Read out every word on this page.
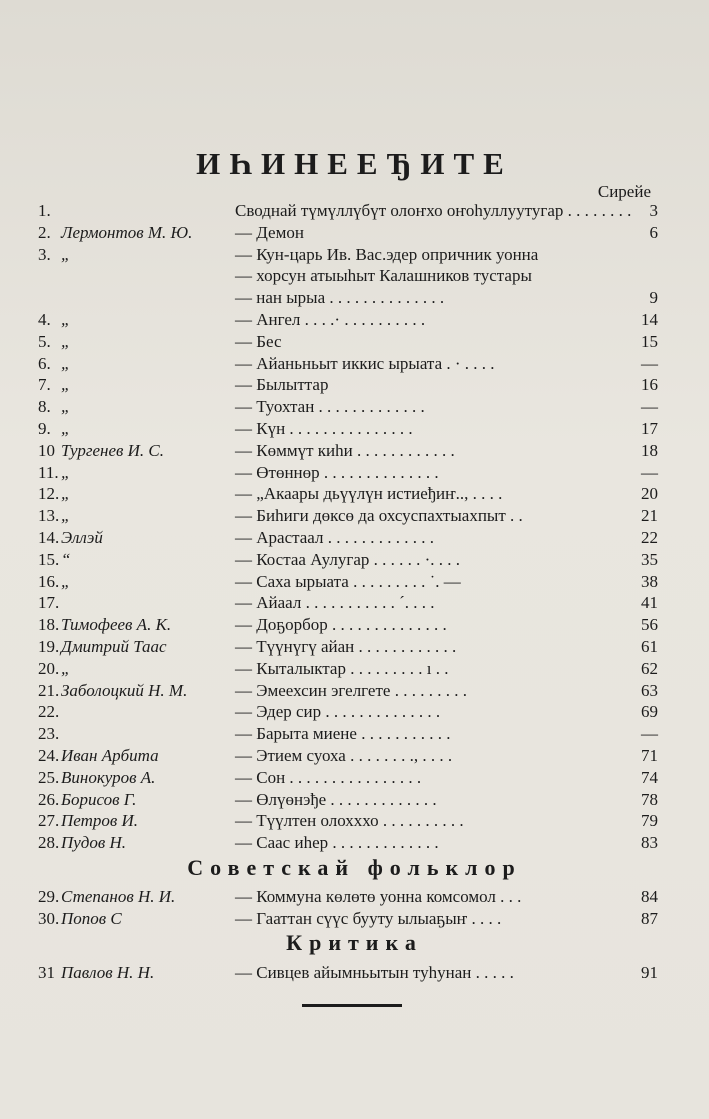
ИҺИНЕЕЂИТЕ
Сирейе
1.	Своднай түмүллүбүт олоҥхо оҥоһуллуутугар . . . . . . . .	3
2. Лермонтов М. Ю.	— Демон	6
3. „	— Кун-царь Ив. Вас.эдер опричник уонна
— хорсун атыыһыт Калашников тустары
— нан ырыа . . . . . . . . . . . . . .	9
4. „	— Ангел . . . .· . . . . . . . . . .	14
5. „	— Бес	15
6. „	— Айаньньыт иккис ырыата . · . . . .	—
7. „	— Былыттар	16
8. „	— Туохтан . . . . . . . . . . . . .	—
9. „	— Күн . . . . . . . . . . . . . . .	17
10 Тургенев И. С.	— Көммүт киһи . . . . . . . . . . . .	18
11. „	— Өтөннөр . . . . . . . . . . . . . .	—
12. „	— „Акаары дьүүлүн истиеђиҥ.., . . . .	20
13. „	— Биһиги дөксө да охсуспахтыахпыт . .	21
14. Эллэй	— Арастаал . . . . . . . . . . . . .	22
15. “	— Костаа Аулугар . . . . . . ·. . . .	35
16. „	— Саха ырыата . . . . . . . . . ˙. —	38
17.	— Айаал . . . . . . . . . . . ˊ. . . .	41
18. Тимофеев А. К.	— Доҕорбор . . . . . . . . . . . . . .	56
19. Дмитрий Таас	— Түүнүгү айан . . . . . . . . . . . .	61
20. „	— Кыталыктар . . . . . . . . . ı . .	62
21. Заболоцкий Н. М.	— Эмеехсин эгелгете . . . . . . . . .	63
22.	— Эдер сир . . . . . . . . . . . . . .	69
23.	— Барыта миене . . . . . . . . . . .	—
24. Иван Арбита	— Этием суоха . . . . . . . ., . . . .	71
25. Винокуров А.	— Сон . . . . . . . . . . . . . . . .	74
26. Борисов Г.	— Өлүөнэђе . . . . . . . . . . . . .	78
27. Петров И.	— Түүлтен олохххо . . . . . . . . . .	79
28. Пудов Н.	— Саас иһер . . . . . . . . . . . . .	83
Советскай фольклор
29. Степанов Н. И.	— Коммуна көлөтө уонна комсомол . . .	84
30. Попов С	— Гааттан сүүс бууту ылыаҕыҥ . . . .	87
Критика
31 Павлов Н. Н.	— Сивцев айымньытын туһунан . . . . .	91
